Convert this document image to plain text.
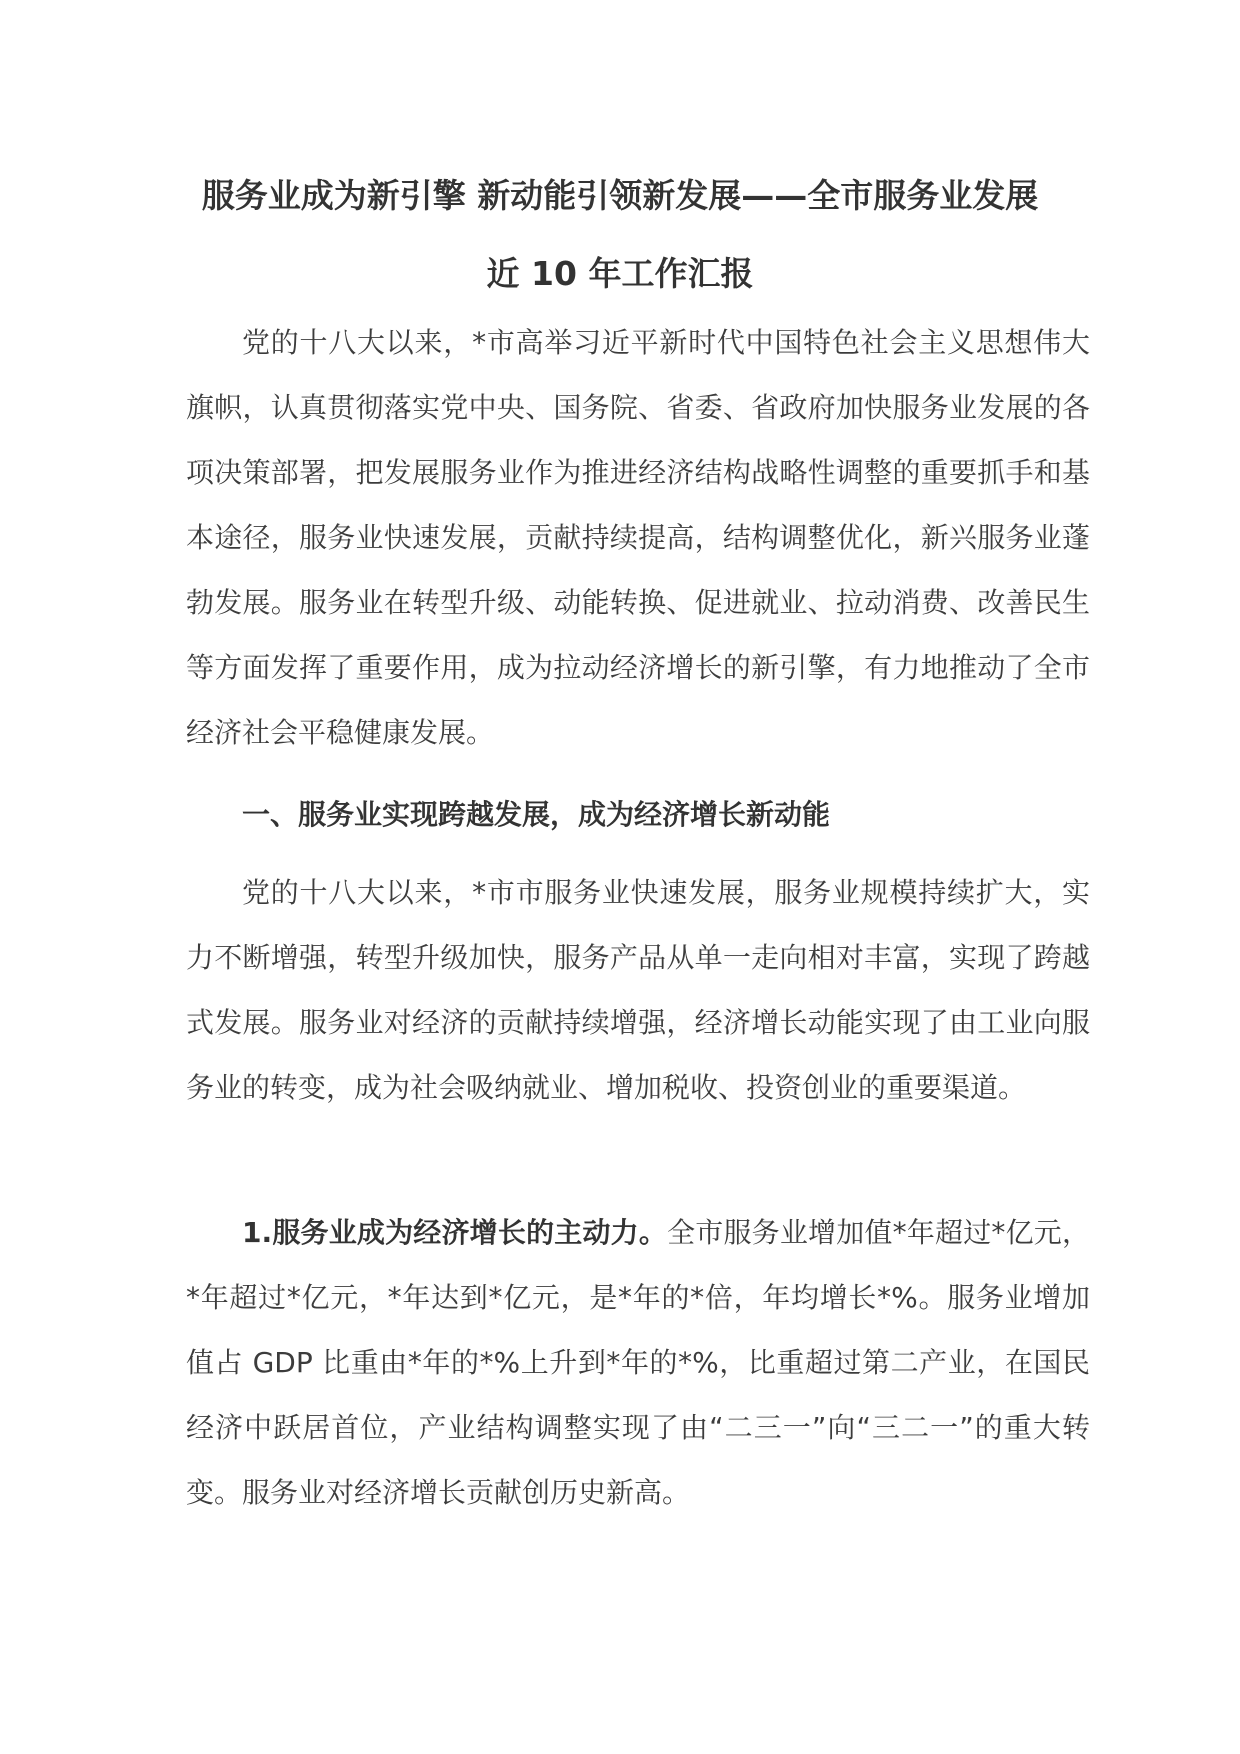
服务业成为新引擎 新动能引领新发展——全市服务业发展
近 10 年工作汇报

党的十八大以来，*市高举习近平新时代中国特色社会主义思想伟大旗帜，认真贯彻落实党中央、国务院、省委、省政府加快服务业发展的各项决策部署，把发展服务业作为推进经济结构战略性调整的重要抓手和基本途径，服务业快速发展，贡献持续提高，结构调整优化，新兴服务业蓬勃发展。服务业在转型升级、动能转换、促进就业、拉动消费、改善民生等方面发挥了重要作用，成为拉动经济增长的新引擎，有力地推动了全市经济社会平稳健康发展。

一、服务业实现跨越发展，成为经济增长新动能

党的十八大以来，*市市服务业快速发展，服务业规模持续扩大，实力不断增强，转型升级加快，服务产品从单一走向相对丰富，实现了跨越式发展。服务业对经济的贡献持续增强，经济增长动能实现了由工业向服务业的转变，成为社会吸纳就业、增加税收、投资创业的重要渠道。

1.服务业成为经济增长的主动力。全市服务业增加值*年超过*亿元，*年超过*亿元，*年达到*亿元，是*年的*倍，年均增长*%。服务业增加值占 GDP 比重由*年的*%上升到*年的*%，比重超过第二产业，在国民经济中跃居首位，产业结构调整实现了由“二三一”向“三二一”的重大转变。服务业对经济增长贡献创历史新高。
